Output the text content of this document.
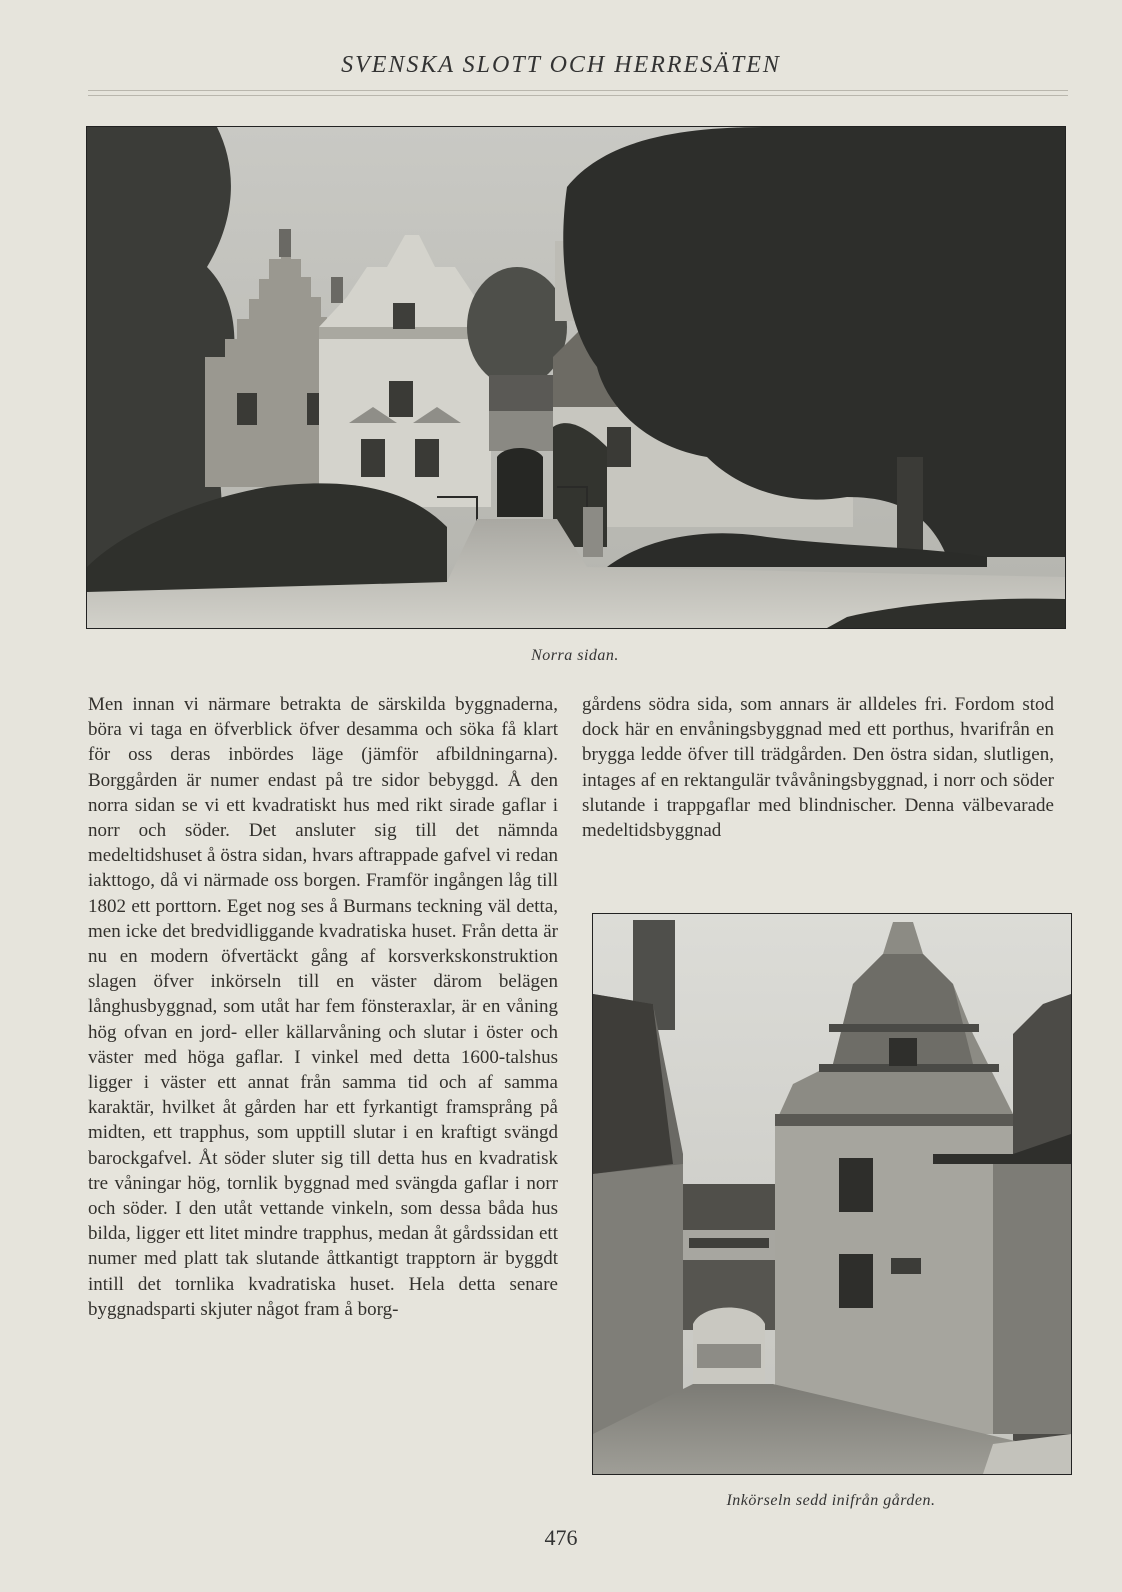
SVENSKA SLOTT OCH HERRESÄTEN
Norra sidan.

Men innan vi närmare betrakta de särskilda byggnaderna, böra vi taga en öfverblick öfver desamma och söka få klart för oss deras inbördes läge (jämför afbildningarna). Borggården är numer endast på tre sidor bebyggd. Å den norra sidan se vi ett kvadratiskt hus med rikt sirade gaflar i norr och söder. Det ansluter sig till det nämnda medeltidshuset å östra sidan, hvars aftrappade gafvel vi redan iakttogo, då vi närmade oss borgen. Framför ingången låg till 1802 ett porttorn. Eget nog ses å Burmans teckning väl detta, men icke det bredvidliggande kvadratiska huset. Från detta är nu en modern öfvertäckt gång af korsverkskonstruktion slagen öfver inkörseln till en väster därom belägen långhusbyggnad, som utåt har fem fönsteraxlar, är en våning hög ofvan en jord- eller källarvåning och slutar i öster och väster med höga gaflar. I vinkel med detta 1600-talshus ligger i väster ett annat från samma tid och af samma karaktär, hvilket åt gården har ett fyrkantigt framsprång på midten, ett trapphus, som upptill slutar i en kraftigt svängd barockgafvel. Åt söder sluter sig till detta hus en kvadratisk tre våningar hög, tornlik byggnad med svängda gaflar i norr och söder. I den utåt vettande vinkeln, som dessa båda hus bilda, ligger ett litet mindre trapphus, medan åt gårdssidan ett numer med platt tak slutande åttkantigt trapptorn är byggdt intill det tornlika kvadratiska huset. Hela detta senare byggnadsparti skjuter något fram å borg-

gårdens södra sida, som annars är alldeles fri. Fordom stod dock här en envåningsbyggnad med ett porthus, hvarifrån en brygga ledde öfver till trädgården. Den östra sidan, slutligen, intages af en rektangulär tvåvåningsbyggnad, i norr och söder slutande i trappgaflar med blindnischer. Denna välbevarade medeltidsbyggnad

Inkörseln sedd inifrån gården.
476
